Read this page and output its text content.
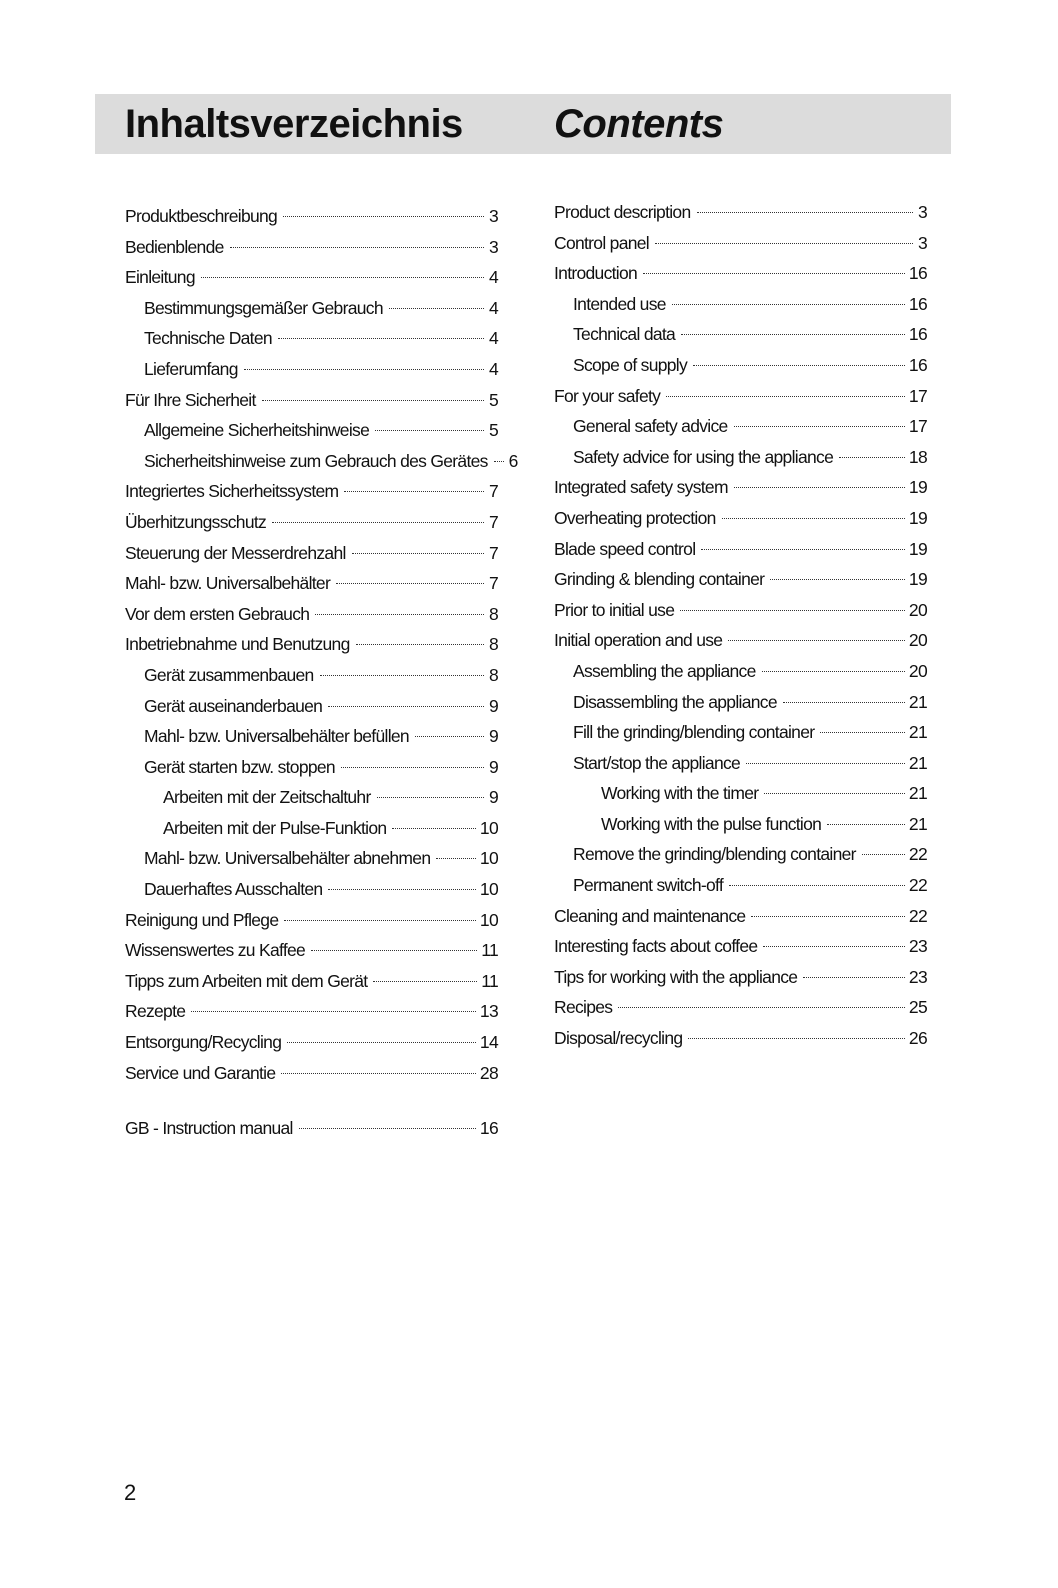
Inhaltsverzeichnis Contents
Produktbeschreibung	3
Bedienblende	3
Einleitung	4
Bestimmungsgemäßer Gebrauch	4
Technische Daten	4
Lieferumfang	4
Für Ihre Sicherheit	5
Allgemeine Sicherheitshinweise	5
Sicherheitshinweise zum Gebrauch des Gerätes 6
Integriertes Sicherheitssystem	7
Überhitzungsschutz	7
Steuerung der Messerdrehzahl	7
Mahl- bzw. Universalbehälter	7
Vor dem ersten Gebrauch	8
Inbetriebnahme und Benutzung	8
Gerät zusammenbauen	8
Gerät auseinanderbauen	9
Mahl- bzw. Universalbehälter befüllen	9
Gerät starten bzw. stoppen	9
Arbeiten mit der Zeitschaltuhr	9
Arbeiten mit der Pulse-Funktion	10
Mahl- bzw. Universalbehälter abnehmen	10
Dauerhaftes Ausschalten	10
Reinigung und Pflege	10
Wissenswertes zu Kaffee	11
Tipps zum Arbeiten mit dem Gerät	11
Rezepte	13
Entsorgung/Recycling	14
Service und Garantie	28
Product description	3
Control panel	3
Introduction	16
Intended use	16
Technical data	16
Scope of supply	16
For your safety	17
General safety advice	17
Safety advice for using the appliance	18
Integrated safety system	19
Overheating protection	19
Blade speed control	19
Grinding & blending container	19
Prior to initial use	20
Initial operation and use	20
Assembling the appliance	20
Disassembling the appliance	21
Fill the grinding/blending container	21
Start/stop the appliance	21
Working with the timer	21
Working with the pulse function	21
Remove the grinding/blending container	22
Permanent switch-off	22
Cleaning and maintenance	22
Interesting facts about coffee	23
Tips for working with the appliance	23
Recipes	25
Disposal/recycling	26
GB - Instruction manual	16
2
